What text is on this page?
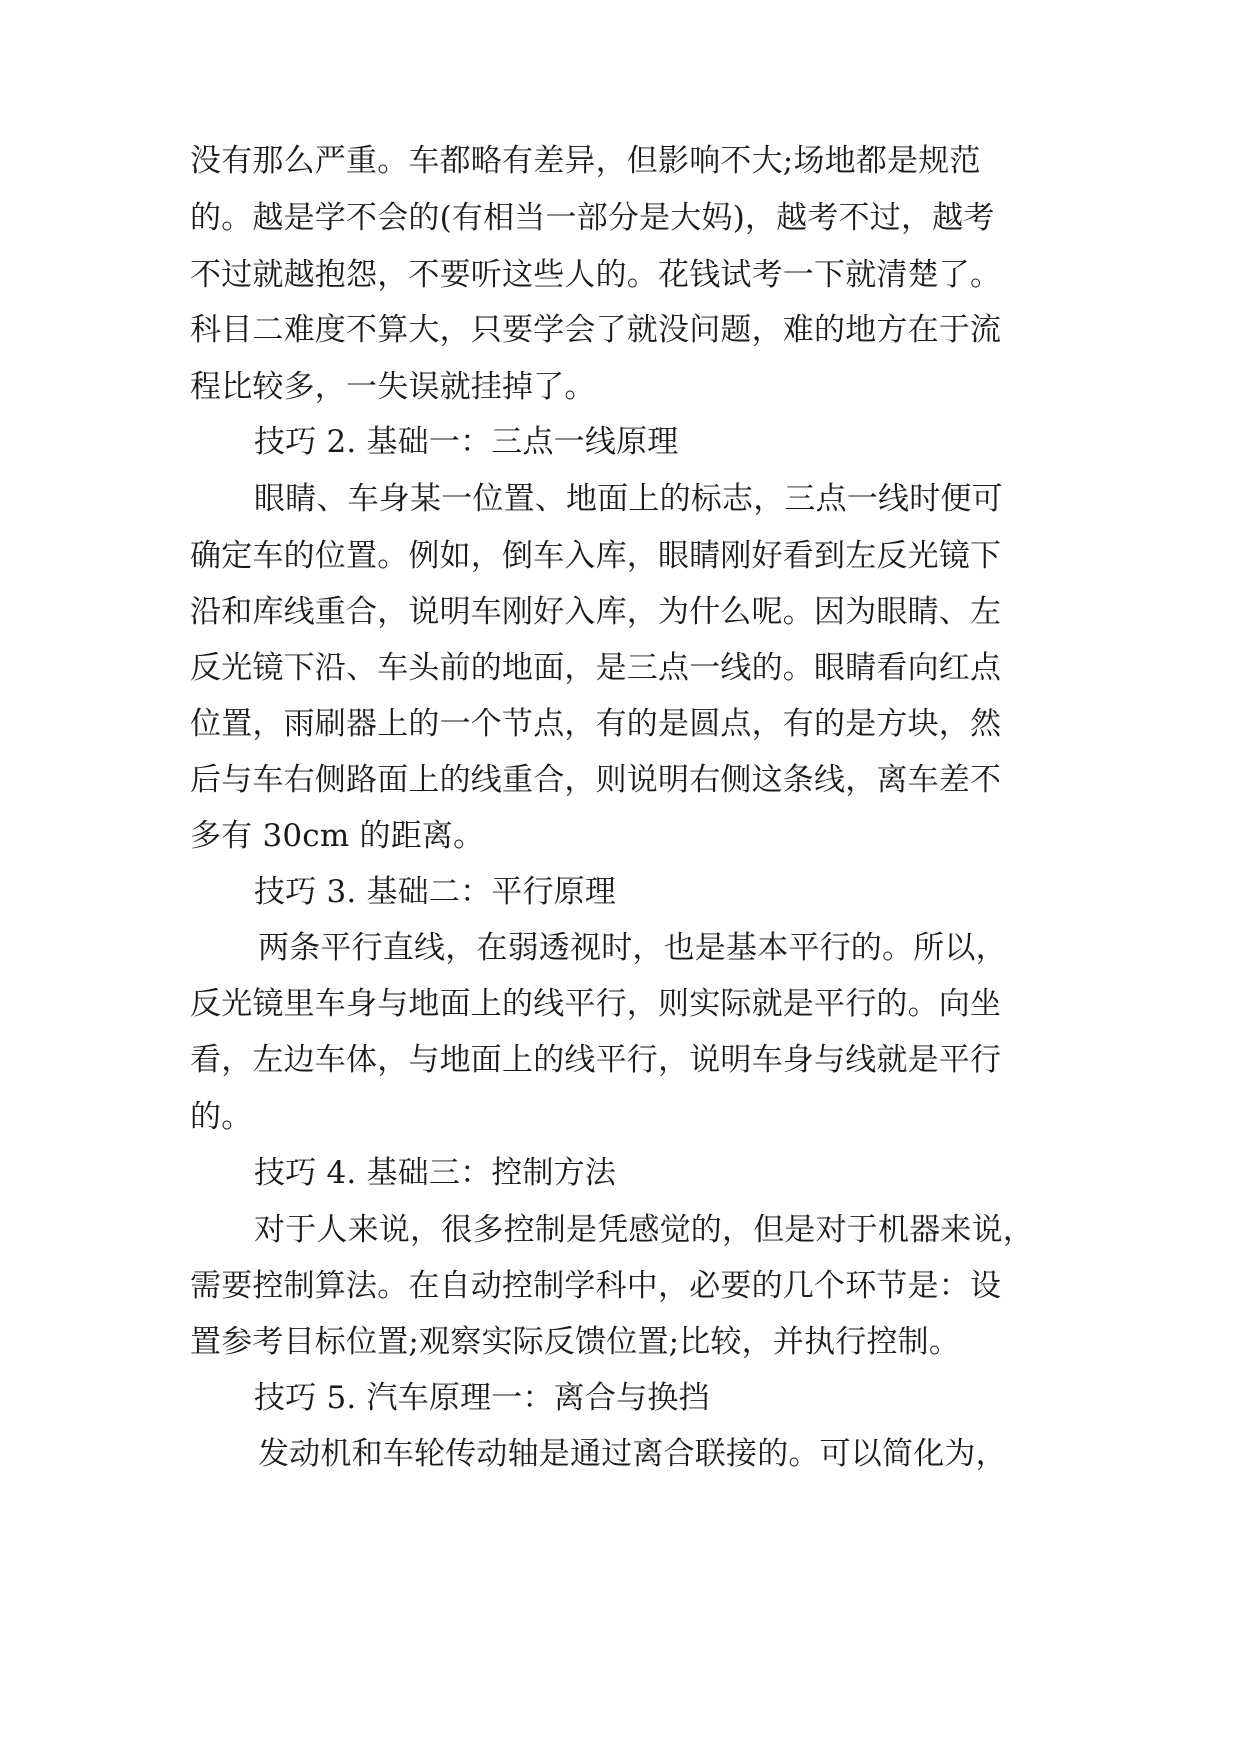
没有那么严重。车都略有差异，但影响不大;场地都是规范
的。越是学不会的(有相当一部分是大妈)，越考不过，越考
不过就越抱怨，不要听这些人的。花钱试考一下就清楚了。
科目二难度不算大，只要学会了就没问题，难的地方在于流
程比较多，一失误就挂掉了。
技巧 2. 基础一：三点一线原理
眼睛、车身某一位置、地面上的标志，三点一线时便可
确定车的位置。例如，倒车入库，眼睛刚好看到左反光镜下
沿和库线重合，说明车刚好入库，为什么呢。因为眼睛、左
反光镜下沿、车头前的地面，是三点一线的。眼睛看向红点
位置，雨刷器上的一个节点，有的是圆点，有的是方块，然
后与车右侧路面上的线重合，则说明右侧这条线，离车差不
多有 30cm 的距离。
技巧 3. 基础二：平行原理
两条平行直线，在弱透视时，也是基本平行的。所以，
反光镜里车身与地面上的线平行，则实际就是平行的。向坐
看，左边车体，与地面上的线平行，说明车身与线就是平行
的。
技巧 4. 基础三：控制方法
对于人来说，很多控制是凭感觉的，但是对于机器来说，
需要控制算法。在自动控制学科中，必要的几个环节是：设
置参考目标位置;观察实际反馈位置;比较，并执行控制。
技巧 5. 汽车原理一：离合与换挡
发动机和车轮传动轴是通过离合联接的。可以简化为，
